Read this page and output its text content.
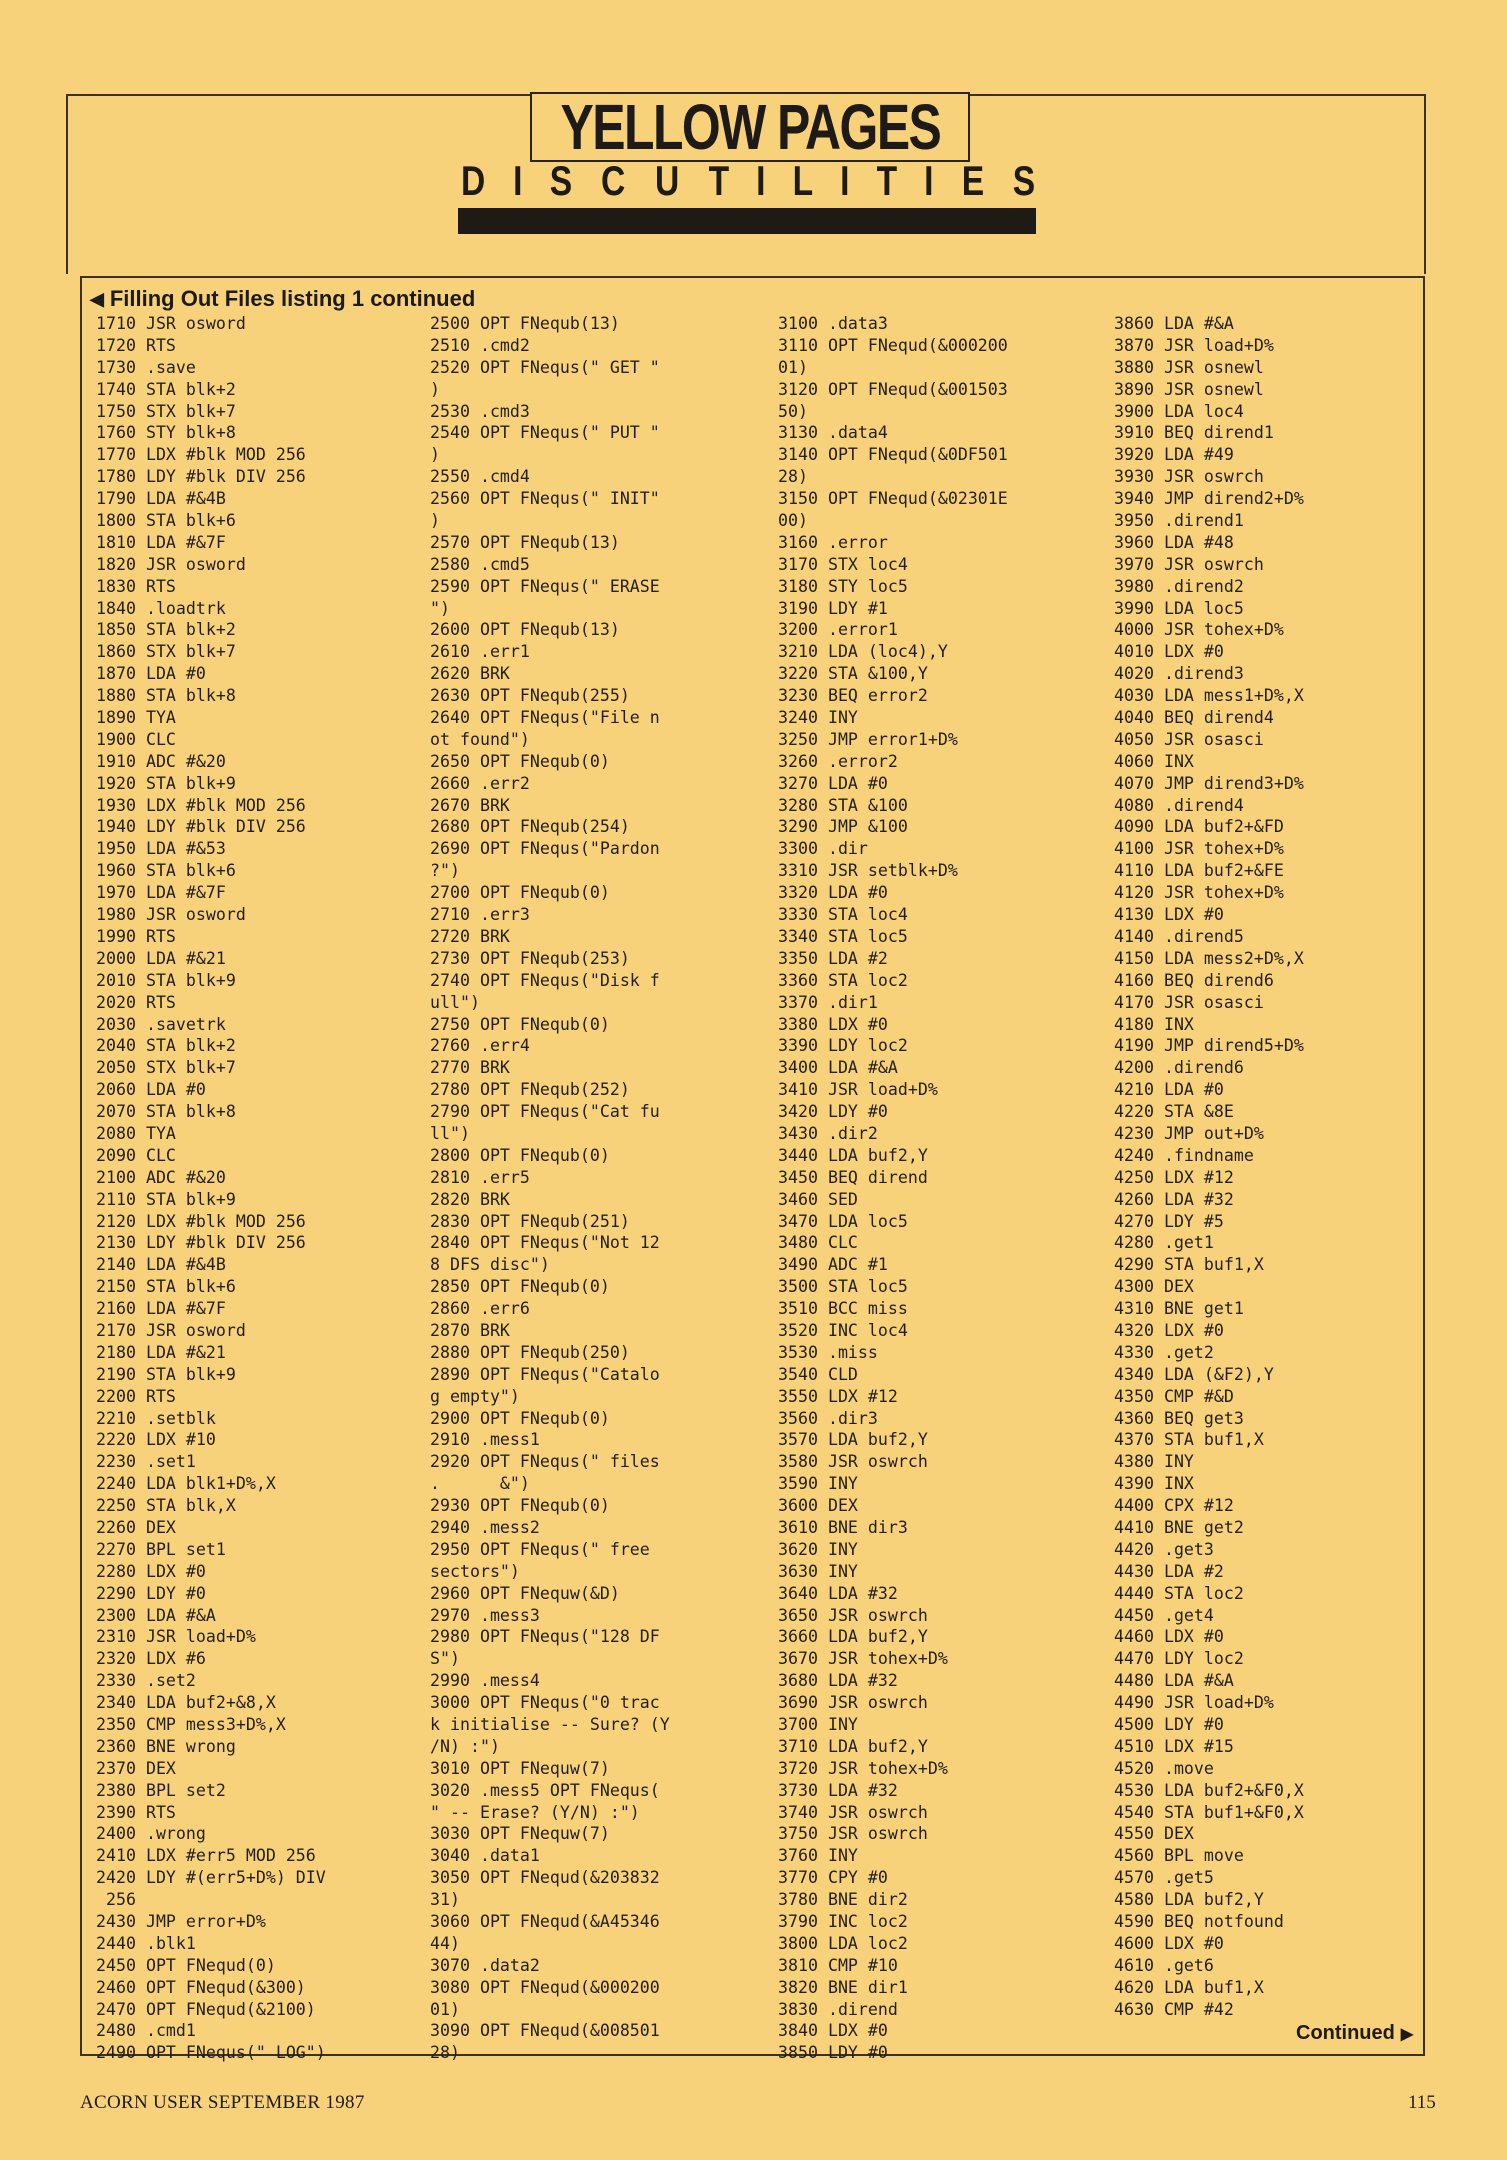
YELLOW PAGES
D I S C U T I L I T I E S
◀ Filling Out Files listing 1 continued
1710 JSR osword
1720 RTS
1730 .save
1740 STA blk+2
1750 STX blk+7
1760 STY blk+8
1770 LDX #blk MOD 256
1780 LDY #blk DIV 256
1790 LDA #&4B
1800 STA blk+6
1810 LDA #&7F
1820 JSR osword
1830 RTS
1840 .loadtrk
1850 STA blk+2
1860 STX blk+7
1870 LDA #0
1880 STA blk+8
1890 TYA
1900 CLC
1910 ADC #&20
1920 STA blk+9
1930 LDX #blk MOD 256
1940 LDY #blk DIV 256
1950 LDA #&53
1960 STA blk+6
1970 LDA #&7F
1980 JSR osword
1990 RTS
2000 LDA #&21
2010 STA blk+9
2020 RTS
2030 .savetrk
2040 STA blk+2
2050 STX blk+7
2060 LDA #0
2070 STA blk+8
2080 TYA
2090 CLC
2100 ADC #&20
2110 STA blk+9
2120 LDX #blk MOD 256
2130 LDY #blk DIV 256
2140 LDA #&4B
2150 STA blk+6
2160 LDA #&7F
2170 JSR osword
2180 LDA #&21
2190 STA blk+9
2200 RTS
2210 .setblk
2220 LDX #10
2230 .set1
2240 LDA blk1+D%,X
2250 STA blk,X
2260 DEX
2270 BPL set1
2280 LDX #0
2290 LDY #0
2300 LDA #&A
2310 JSR load+D%
2320 LDX #6
2330 .set2
2340 LDA buf2+&8,X
2350 CMP mess3+D%,X
2360 BNE wrong
2370 DEX
2380 BPL set2
2390 RTS
2400 .wrong
2410 LDX #err5 MOD 256
2420 LDY #(err5+D%) DIV
256
2430 JMP error+D%
2440 .blk1
2450 OPT FNequd(0)
2460 OPT FNequd(&300)
2470 OPT FNequd(&2100)
2480 .cmd1
2490 OPT FNequs(" LOG")
2500 OPT FNequb(13)
2510 .cmd2
2520 OPT FNequs(" GET "
)
2530 .cmd3
2540 OPT FNequs(" PUT "
)
2550 .cmd4
2560 OPT FNequs(" INIT"
)
2570 OPT FNequb(13)
2580 .cmd5
2590 OPT FNequs(" ERASE
")
2600 OPT FNequb(13)
2610 .err1
2620 BRK
2630 OPT FNequb(255)
2640 OPT FNequs("File n
ot found")
2650 OPT FNequb(0)
2660 .err2
2670 BRK
2680 OPT FNequb(254)
2690 OPT FNequs("Pardon
?")
2700 OPT FNequb(0)
2710 .err3
2720 BRK
2730 OPT FNequb(253)
2740 OPT FNequs("Disk f
ull")
2750 OPT FNequb(0)
2760 .err4
2770 BRK
2780 OPT FNequb(252)
2790 OPT FNequs("Cat fu
ll")
2800 OPT FNequb(0)
2810 .err5
2820 BRK
2830 OPT FNequb(251)
2840 OPT FNequs("Not 12
8 DFS disc")
2850 OPT FNequb(0)
2860 .err6
2870 BRK
2880 OPT FNequb(250)
2890 OPT FNequs("Catalo
g empty")
2900 OPT FNequb(0)
2910 .mess1
2920 OPT FNequs(" files
.      &")
2930 OPT FNequb(0)
2940 .mess2
2950 OPT FNequs(" free
sectors")
2960 OPT FNequw(&D)
2970 .mess3
2980 OPT FNequs("128 DF
S")
2990 .mess4
3000 OPT FNequs("0 trac
k initialise -- Sure? (Y
/N) :")
3010 OPT FNequw(7)
3020 .mess5 OPT FNequs(
" -- Erase? (Y/N) :")
3030 OPT FNequw(7)
3040 .data1
3050 OPT FNequd(&203832
31)
3060 OPT FNequd(&A45346
44)
3070 .data2
3080 OPT FNequd(&000200
01)
3090 OPT FNequd(&008501
28)
3100 .data3
3110 OPT FNequd(&000200
01)
3120 OPT FNequd(&001503
50)
3130 .data4
3140 OPT FNequd(&0DF501
28)
3150 OPT FNequd(&02301E
00)
3160 .error
3170 STX loc4
3180 STY loc5
3190 LDY #1
3200 .error1
3210 LDA (loc4),Y
3220 STA &100,Y
3230 BEQ error2
3240 INY
3250 JMP error1+D%
3260 .error2
3270 LDA #0
3280 STA &100
3290 JMP &100
3300 .dir
3310 JSR setblk+D%
3320 LDA #0
3330 STA loc4
3340 STA loc5
3350 LDA #2
3360 STA loc2
3370 .dir1
3380 LDX #0
3390 LDY loc2
3400 LDA #&A
3410 JSR load+D%
3420 LDY #0
3430 .dir2
3440 LDA buf2,Y
3450 BEQ dirend
3460 SED
3470 LDA loc5
3480 CLC
3490 ADC #1
3500 STA loc5
3510 BCC miss
3520 INC loc4
3530 .miss
3540 CLD
3550 LDX #12
3560 .dir3
3570 LDA buf2,Y
3580 JSR oswrch
3590 INY
3600 DEX
3610 BNE dir3
3620 INY
3630 INY
3640 LDA #32
3650 JSR oswrch
3660 LDA buf2,Y
3670 JSR tohex+D%
3680 LDA #32
3690 JSR oswrch
3700 INY
3710 LDA buf2,Y
3720 JSR tohex+D%
3730 LDA #32
3740 JSR oswrch
3750 JSR oswrch
3760 INY
3770 CPY #0
3780 BNE dir2
3790 INC loc2
3800 LDA loc2
3810 CMP #10
3820 BNE dir1
3830 .dirend
3840 LDX #0
3850 LDY #0
3860 LDA #&A
3870 JSR load+D%
3880 JSR osnewl
3890 JSR osnewl
3900 LDA loc4
3910 BEQ dirend1
3920 LDA #49
3930 JSR oswrch
3940 JMP dirend2+D%
3950 .dirend1
3960 LDA #48
3970 JSR oswrch
3980 .dirend2
3990 LDA loc5
4000 JSR tohex+D%
4010 LDX #0
4020 .dirend3
4030 LDA mess1+D%,X
4040 BEQ dirend4
4050 JSR osasci
4060 INX
4070 JMP dirend3+D%
4080 .dirend4
4090 LDA buf2+&FD
4100 JSR tohex+D%
4110 LDA buf2+&FE
4120 JSR tohex+D%
4130 LDX #0
4140 .dirend5
4150 LDA mess2+D%,X
4160 BEQ dirend6
4170 JSR osasci
4180 INX
4190 JMP dirend5+D%
4200 .dirend6
4210 LDA #0
4220 STA &8E
4230 JMP out+D%
4240 .findname
4250 LDX #12
4260 LDA #32
4270 LDY #5
4280 .get1
4290 STA buf1,X
4300 DEX
4310 BNE get1
4320 LDX #0
4330 .get2
4340 LDA (&F2),Y
4350 CMP #&D
4360 BEQ get3
4370 STA buf1,X
4380 INY
4390 INX
4400 CPX #12
4410 BNE get2
4420 .get3
4430 LDA #2
4440 STA loc2
4450 .get4
4460 LDX #0
4470 LDY loc2
4480 LDA #&A
4490 JSR load+D%
4500 LDY #0
4510 LDX #15
4520 .move
4530 LDA buf2+&F0,X
4540 STA buf1+&F0,X
4550 DEX
4560 BPL move
4570 .get5
4580 LDA buf2,Y
4590 BEQ notfound
4600 LDX #0
4610 .get6
4620 LDA buf1,X
4630 CMP #42
Continued ▶
ACORN USER SEPTEMBER 1987	115
